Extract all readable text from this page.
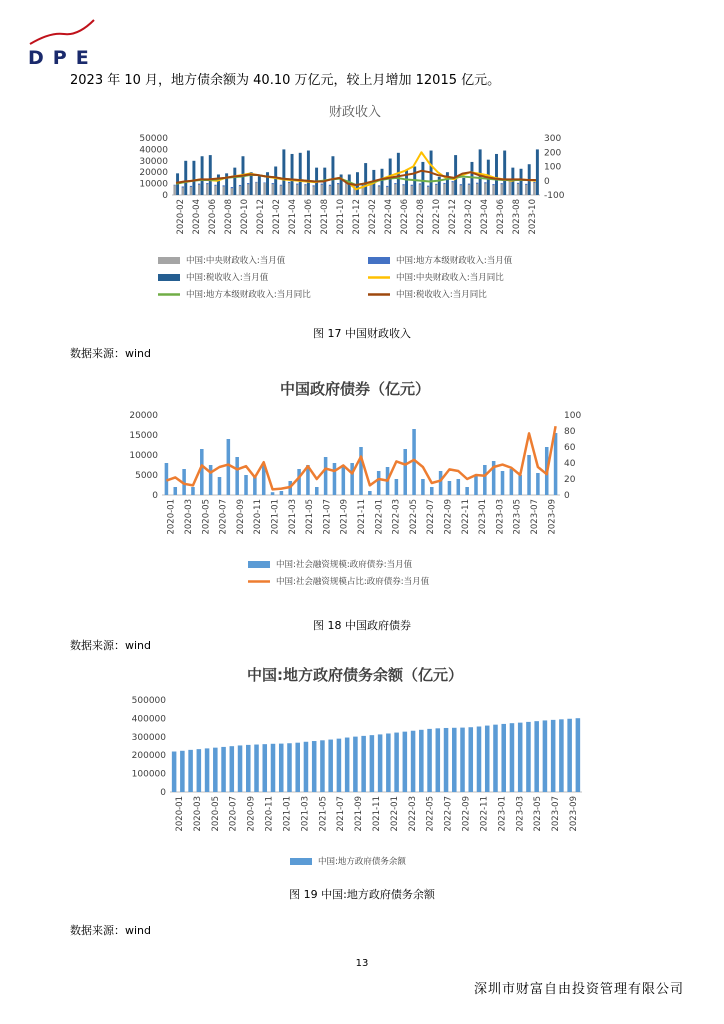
DPE
2023 年 10 月，地方债余额为 40.10 万亿元，较上月增加 12015 亿元。
财政收入
50000
40000
30000
20000
10000
0
300
200
100
0
-100
2020-02 2020-04 2020-06 2020-08 2020-10 2020-12 2021-02 2021-04 2021-06 2021-08 2021-10 2021-12 2022-02 2022-04 2022-06 2022-08 2022-10 2022-12 2023-02 2023-04 2023-06 2023-08 2023-10
中国:中央财政收入:当月值	中国:地方本级财政收入:当月值
中国:税收收入:当月值	中国:中央财政收入:当月同比
中国:地方本级财政收入:当月同比	中国:税收收入:当月同比
图 17 中国财政收入
数据来源：wind
中国政府债券（亿元）
20000
15000
10000
5000
0
100
80
60
40
20
0
2020-01 2020-03 2020-05 2020-07 2020-09 2020-11 2021-01 2021-03 2021-05 2021-07 2021-09 2021-11 2022-01 2022-03 2022-05 2022-07 2022-09 2022-11 2023-01 2023-03 2023-05 2023-07 2023-09
中国:社会融资规模:政府债券:当月值
中国:社会融资规模占比:政府债券:当月值
图 18 中国政府债券
数据来源：wind
中国:地方政府债务余额（亿元）
500000
400000
300000
200000
100000
0
2020-01 2020-03 2020-05 2020-07 2020-09 2020-11 2021-01 2021-03 2021-05 2021-07 2021-09 2021-11 2022-01 2022-03 2022-05 2022-07 2022-09 2022-11 2023-01 2023-03 2023-05 2023-07 2023-09
中国:地方政府债务余额
图 19 中国:地方政府债务余额
数据来源：wind
13
深圳市财富自由投资管理有限公司
